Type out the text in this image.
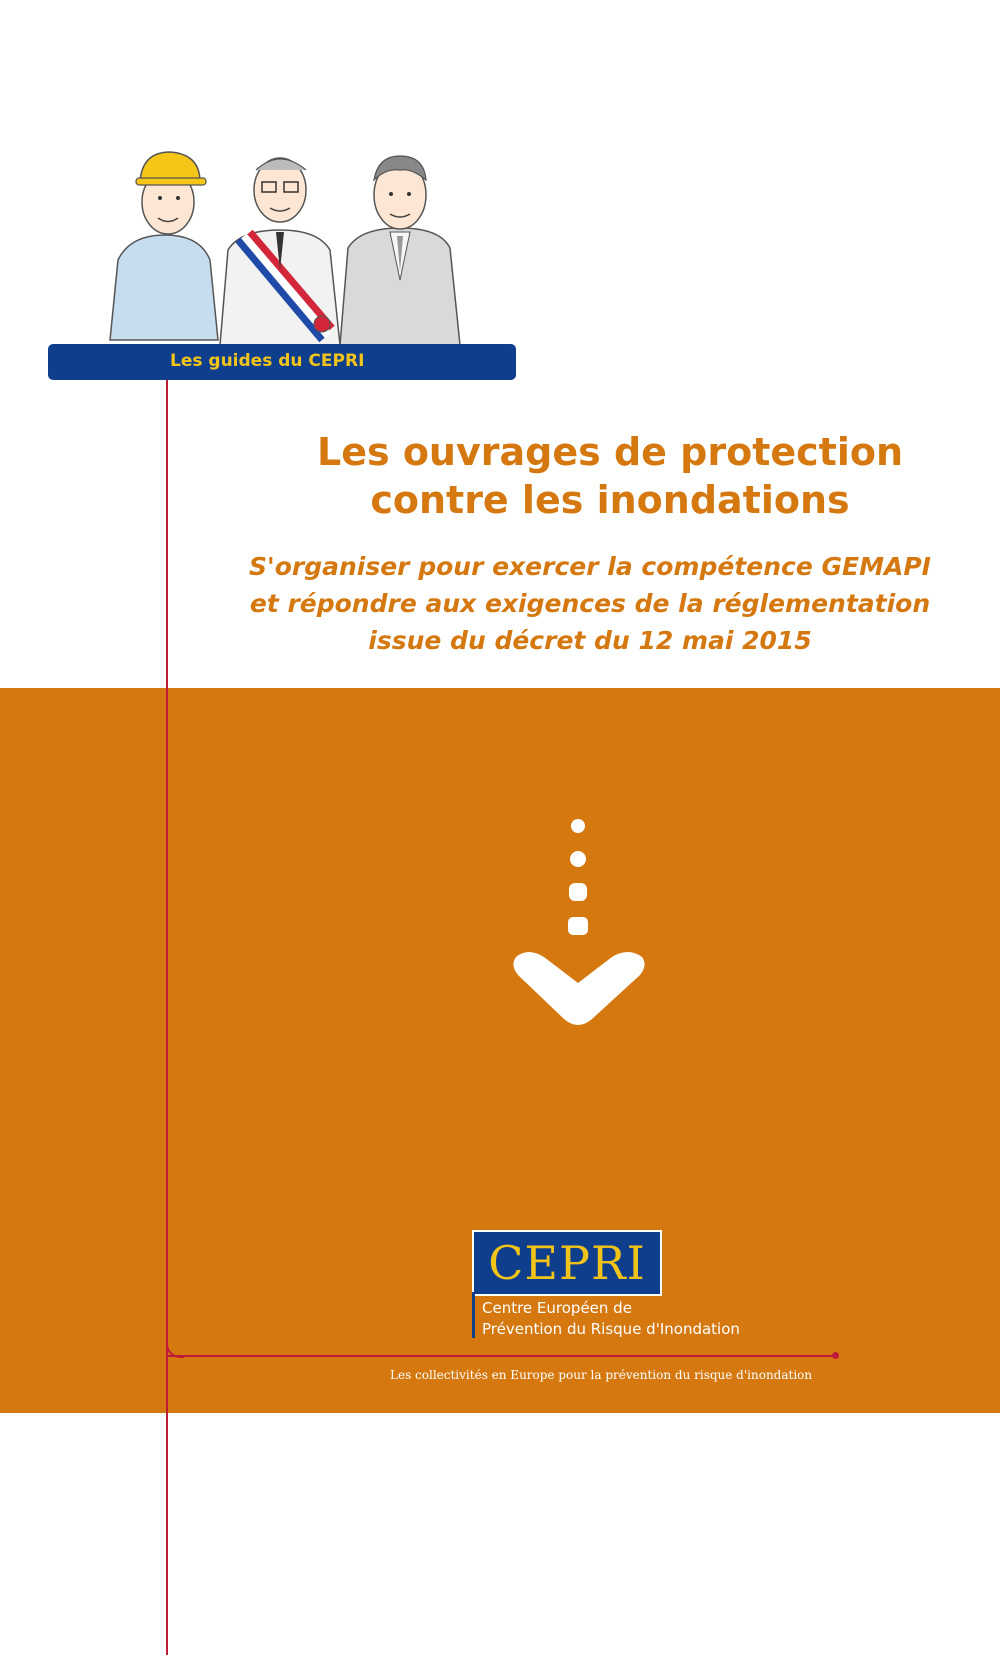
Les guides du CEPRI
Les ouvrages de protection
contre les inondations
S'organiser pour exercer la compétence GEMAPI
et répondre aux exigences de la réglementation
issue du décret du 12 mai 2015
CEPRI
Centre Européen de
Prévention du Risque d'Inondation
Les collectivités en Europe pour la prévention du risque d'inondation
